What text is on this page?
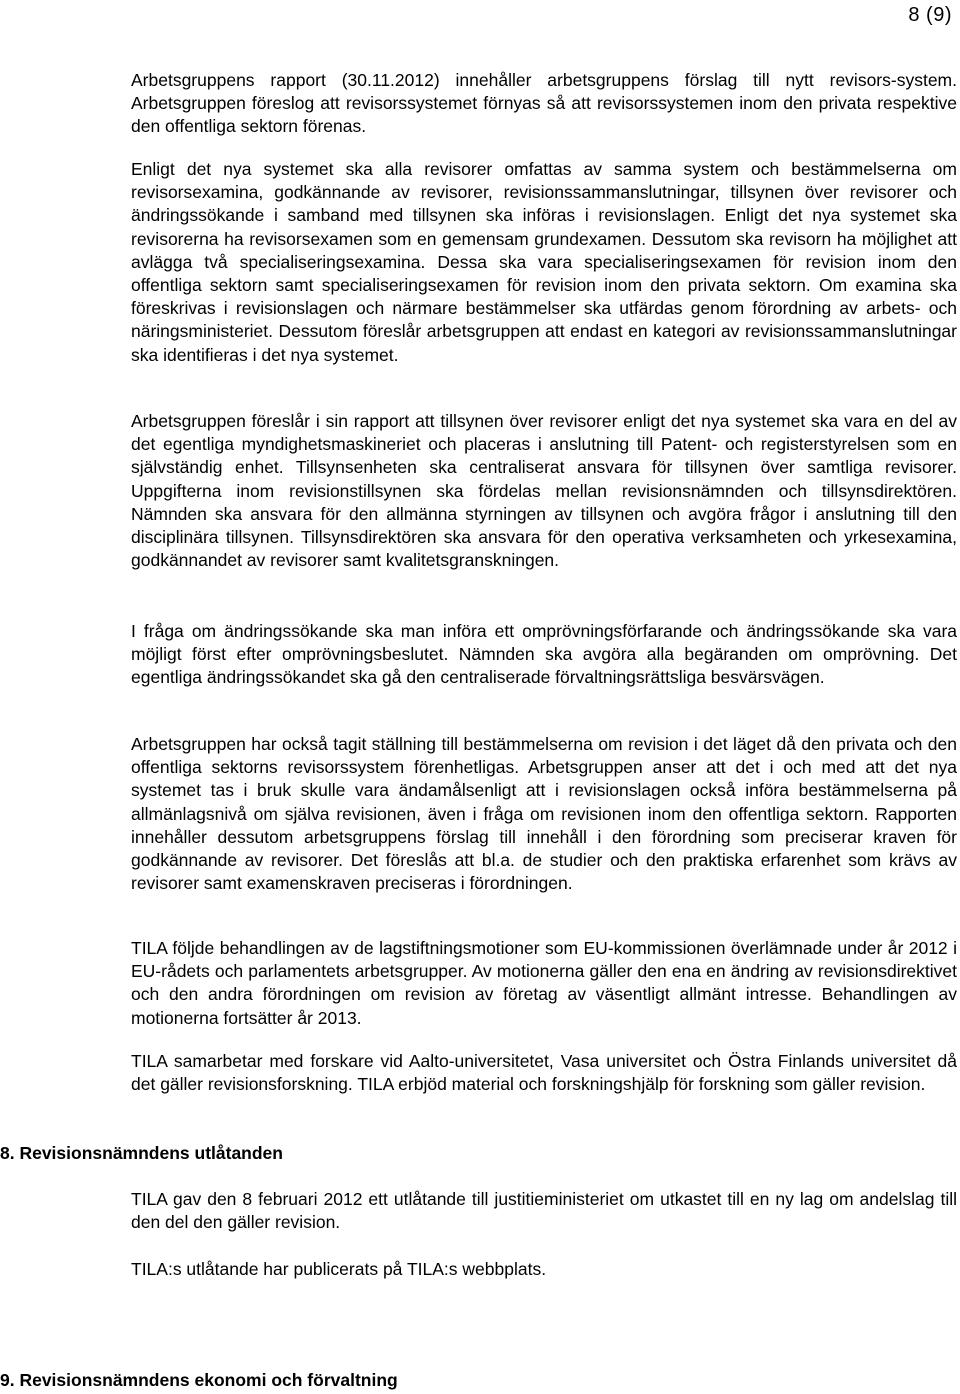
8 (9)

Arbetsgruppens rapport (30.11.2012) innehåller arbetsgruppens förslag till nytt revisors-system. Arbetsgruppen föreslog att revisorssystemet förnyas så att revisorssystemen inom den privata respektive den offentliga sektorn förenas.

Enligt det nya systemet ska alla revisorer omfattas av samma system och bestämmelserna om revisorsexamina, godkännande av revisorer, revisionssammanslutningar, tillsynen över revisorer och ändringssökande i samband med tillsynen ska införas i revisionslagen. Enligt det nya systemet ska revisorerna ha revisorsexamen som en gemensam grundexamen. Dessutom ska revisorn ha möjlighet att avlägga två specialiseringsexamina. Dessa ska vara specialiseringsexamen för revision inom den offentliga sektorn samt specialiseringsexamen för revision inom den privata sektorn. Om examina ska föreskrivas i revisionslagen och närmare bestämmelser ska utfärdas genom förordning av arbets- och näringsministeriet. Dessutom föreslår arbetsgruppen att endast en kategori av revisionssammanslutningar ska identifieras i det nya systemet.

Arbetsgruppen föreslår i sin rapport att tillsynen över revisorer enligt det nya systemet ska vara en del av det egentliga myndighetsmaskineriet och placeras i anslutning till Patent- och registerstyrelsen som en självständig enhet. Tillsynsenheten ska centraliserat ansvara för tillsynen över samtliga revisorer. Uppgifterna inom revisionstillsynen ska fördelas mellan revisionsnämnden och tillsynsdirektören. Nämnden ska ansvara för den allmänna styrningen av tillsynen och avgöra frågor i anslutning till den disciplinära tillsynen. Tillsynsdirektören ska ansvara för den operativa verksamheten och yrkesexamina, godkännandet av revisorer samt kvalitetsgranskningen.

I fråga om ändringssökande ska man införa ett omprövningsförfarande och ändringssökande ska vara möjligt först efter omprövningsbeslutet. Nämnden ska avgöra alla begäranden om omprövning. Det egentliga ändringssökandet ska gå den centraliserade förvaltningsrättsliga besvärsvägen.

Arbetsgruppen har också tagit ställning till bestämmelserna om revision i det läget då den privata och den offentliga sektorns revisorssystem förenhetligas. Arbetsgruppen anser att det i och med att det nya systemet tas i bruk skulle vara ändamålsenligt att i revisionslagen också införa bestämmelserna på allmänlagsnivå om själva revisionen, även i fråga om revisionen inom den offentliga sektorn. Rapporten innehåller dessutom arbetsgruppens förslag till innehåll i den förordning som preciserar kraven för godkännande av revisorer. Det föreslås att bl.a. de studier och den praktiska erfarenhet som krävs av revisorer samt examenskraven preciseras i förordningen.

TILA följde behandlingen av de lagstiftningsmotioner som EU-kommissionen överlämnade under år 2012 i EU-rådets och parlamentets arbetsgrupper. Av motionerna gäller den ena en ändring av revisionsdirektivet och den andra förordningen om revision av företag av väsentligt allmänt intresse. Behandlingen av motionerna fortsätter år 2013.

TILA samarbetar med forskare vid Aalto-universitetet, Vasa universitet och Östra Finlands universitet då det gäller revisionsforskning. TILA erbjöd material och forskningshjälp för forskning som gäller revision.

8. Revisionsnämndens utlåtanden

TILA gav den 8 februari 2012 ett utlåtande till justitieministeriet om utkastet till en ny lag om andelslag till den del den gäller revision.

TILA:s utlåtande har publicerats på TILA:s webbplats.

9. Revisionsnämndens ekonomi och förvaltning
